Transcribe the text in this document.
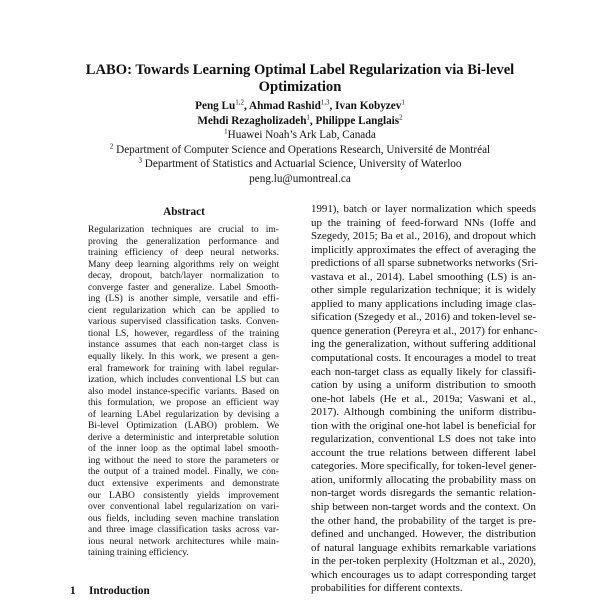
LABO: Towards Learning Optimal Label Regularization via Bi-level
Optimization
Peng Lu$^{1,2}$, Ahmad Rashid$^{1,3}$, Ivan Kobyzev$^1$
Mehdi Rezagholizadeh$^1$, Philippe Langlais$^2$
$^1$Huawei Noah’s Ark Lab, Canada
$^2$ Department of Computer Science and Operations Research, Université de Montréal
$^3$ Department of Statistics and Actuarial Science, University of Waterloo
peng.lu@umontreal.ca
Abstract
Regularization techniques are crucial to im-
proving the generalization performance and
training efficiency of deep neural networks.
Many deep learning algorithms rely on weight
decay, dropout, batch/layer normalization to
converge faster and generalize. Label Smooth-
ing (LS) is another simple, versatile and effi-
cient regularization which can be applied to
various supervised classification tasks. Conven-
tional LS, however, regardless of the training
instance assumes that each non-target class is
equally likely. In this work, we present a gen-
eral framework for training with label regular-
ization, which includes conventional LS but can
also model instance-specific variants. Based on
this formulation, we propose an efficient way
of learning LAbel regularization by devising a
Bi-level Optimization (LABO) problem. We
derive a deterministic and interpretable solution
of the inner loop as the optimal label smooth-
ing without the need to store the parameters or
the output of a trained model. Finally, we con-
duct extensive experiments and demonstrate
our LABO consistently yields improvement
over conventional label regularization on vari-
ous fields, including seven machine translation
and three image classification tasks across var-
ious neural network architectures while main-
taining training efficiency.
1 Introduction
1991), batch or layer normalization which speeds
up the training of feed-forward NNs (Ioffe and
Szegedy, 2015; Ba et al., 2016), and dropout which
implicitly approximates the effect of averaging the
predictions of all sparse subnetworks networks (Sri-
vastava et al., 2014). Label smoothing (LS) is an-
other simple regularization technique; it is widely
applied to many applications including image clas-
sification (Szegedy et al., 2016) and token-level se-
quence generation (Pereyra et al., 2017) for enhanc-
ing the generalization, without suffering additional
computational costs. It encourages a model to treat
each non-target class as equally likely for classifi-
cation by using a uniform distribution to smooth
one-hot labels (He et al., 2019a; Vaswani et al.,
2017). Although combining the uniform distribu-
tion with the original one-hot label is beneficial for
regularization, conventional LS does not take into
account the true relations between different label
categories. More specifically, for token-level gener-
ation, uniformly allocating the probability mass on
non-target words disregards the semantic relation-
ship between non-target words and the context. On
the other hand, the probability of the target is pre-
defined and unchanged. However, the distribution
of natural language exhibits remarkable variations
in the per-token perplexity (Holtzman et al., 2020),
which encourages us to adapt corresponding target
probabilities for different contexts.
